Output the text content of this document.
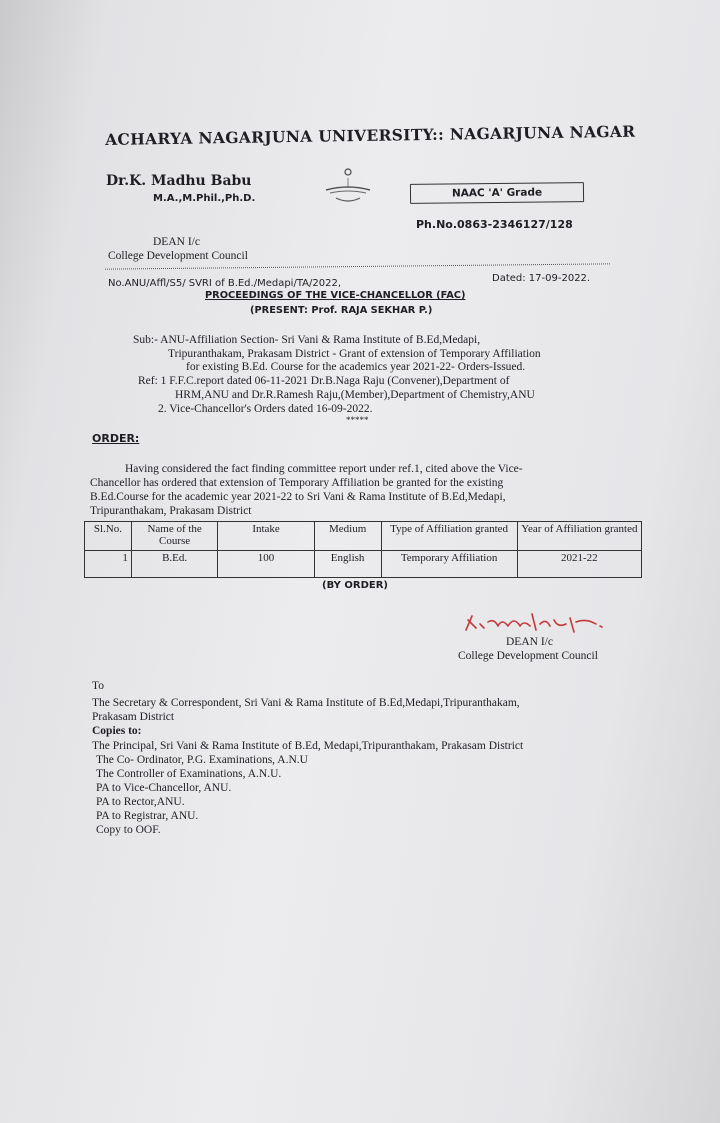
ACHARYA NAGARJUNA UNIVERSITY:: NAGARJUNA NAGAR
Dr.K. Madhu Babu
M.A.,M.Phil.,Ph.D.	NAAC 'A' Grade
Ph.No.0863-2346127/128
DEAN I/c
College Development Council
No.ANU/Affl/S5/ SVRI of B.Ed./Medapi/TA/2022,	Dated: 17-09-2022.
PROCEEDINGS OF THE VICE-CHANCELLOR (FAC)
(PRESENT: Prof. RAJA SEKHAR P.)
Sub:- ANU-Affiliation Section- Sri Vani & Rama Institute of B.Ed,Medapi,
Tripuranthakam, Prakasam District - Grant of extension of Temporary Affiliation
for existing B.Ed. Course for the academics year 2021-22- Orders-Issued.
Ref: 1 F.F.C.report dated 06-11-2021 Dr.B.Naga Raju (Convener),Department of
HRM,ANU and Dr.R.Ramesh Raju,(Member),Department of Chemistry,ANU
2. Vice-Chancellor's Orders dated 16-09-2022.
*****
ORDER:
Having considered the fact finding committee report under ref.1, cited above the Vice-
Chancellor has ordered that extension of Temporary Affiliation be granted for the existing
B.Ed.Course for the academic year 2021-22 to Sri Vani & Rama Institute of B.Ed,Medapi,
Tripuranthakam, Prakasam District
Sl.No.	Name of the Course	Intake	Medium	Type of Affiliation granted	Year of Affiliation granted
1	B.Ed.	100	English	Temporary Affiliation	2021-22
(BY ORDER)
DEAN I/c
College Development Council
To
The Secretary & Correspondent, Sri Vani & Rama Institute of B.Ed,Medapi,Tripuranthakam,
Prakasam District
Copies to:
The Principal, Sri Vani & Rama Institute of B.Ed, Medapi,Tripuranthakam, Prakasam District
The Co- Ordinator, P.G. Examinations, A.N.U
The Controller of Examinations, A.N.U.
PA to Vice-Chancellor, ANU.
PA to Rector,ANU.
PA to Registrar, ANU.
Copy to OOF.
